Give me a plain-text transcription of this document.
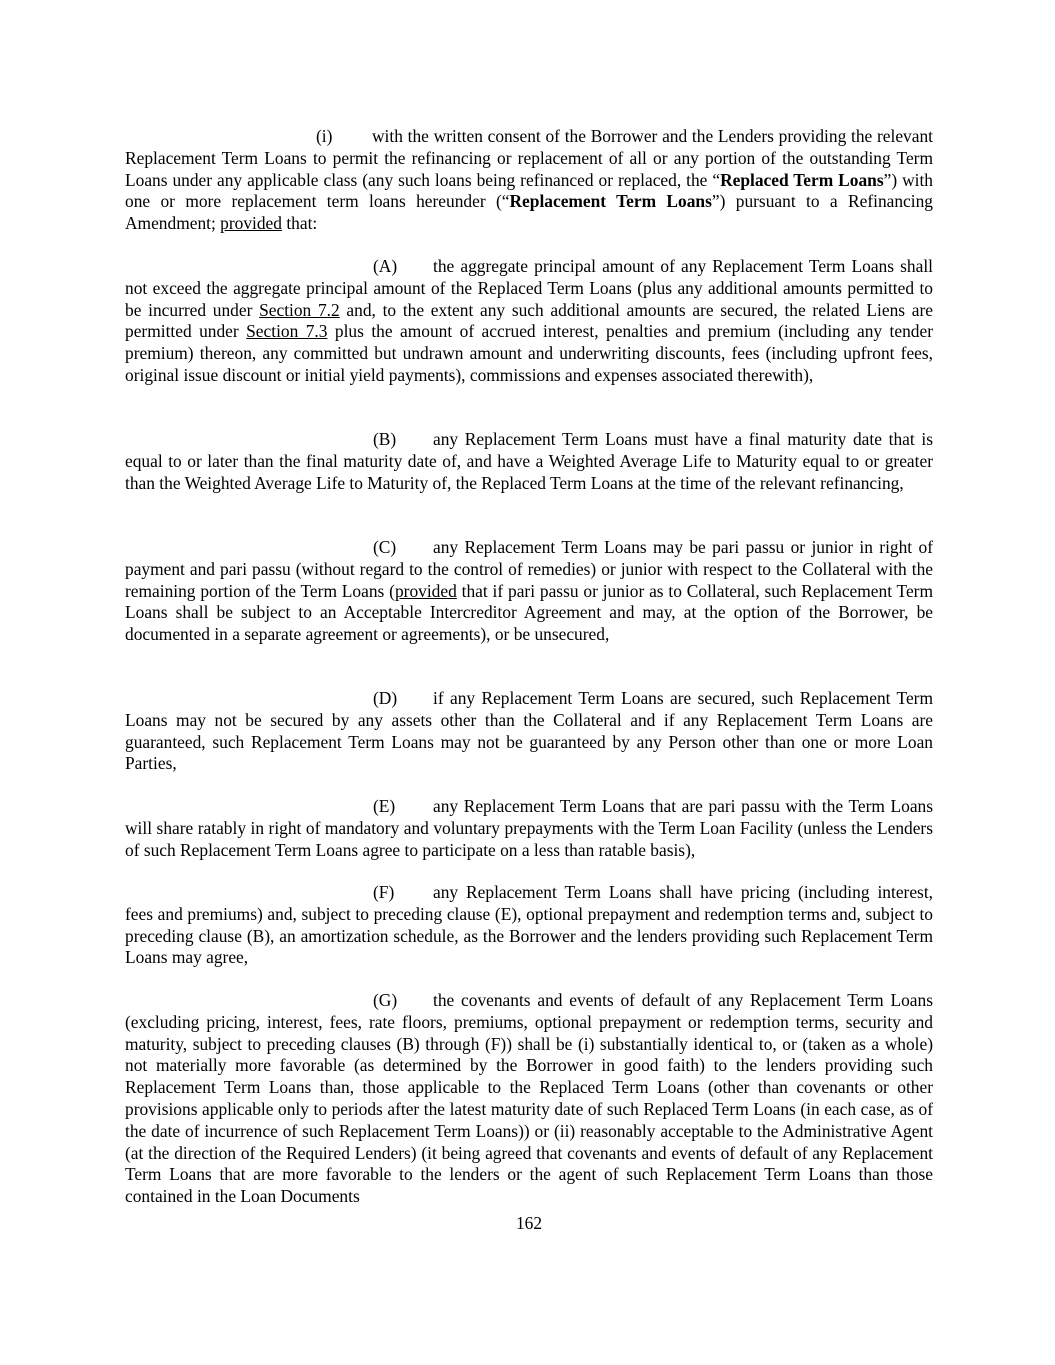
(i) with the written consent of the Borrower and the Lenders providing the relevant Replacement Term Loans to permit the refinancing or replacement of all or any portion of the outstanding Term Loans under any applicable class (any such loans being refinanced or replaced, the “Replaced Term Loans”) with one or more replacement term loans hereunder (“Replacement Term Loans”) pursuant to a Refinancing Amendment; provided that:

(A) the aggregate principal amount of any Replacement Term Loans shall not exceed the aggregate principal amount of the Replaced Term Loans (plus any additional amounts permitted to be incurred under Section 7.2 and, to the extent any such additional amounts are secured, the related Liens are permitted under Section 7.3 plus the amount of accrued interest, penalties and premium (including any tender premium) thereon, any committed but undrawn amount and underwriting discounts, fees (including upfront fees, original issue discount or initial yield payments), commissions and expenses associated therewith),

(B) any Replacement Term Loans must have a final maturity date that is equal to or later than the final maturity date of, and have a Weighted Average Life to Maturity equal to or greater than the Weighted Average Life to Maturity of, the Replaced Term Loans at the time of the relevant refinancing,

(C) any Replacement Term Loans may be pari passu or junior in right of payment and pari passu (without regard to the control of remedies) or junior with respect to the Collateral with the remaining portion of the Term Loans (provided that if pari passu or junior as to Collateral, such Replacement Term Loans shall be subject to an Acceptable Intercreditor Agreement and may, at the option of the Borrower, be documented in a separate agreement or agreements), or be unsecured,

(D) if any Replacement Term Loans are secured, such Replacement Term Loans may not be secured by any assets other than the Collateral and if any Replacement Term Loans are guaranteed, such Replacement Term Loans may not be guaranteed by any Person other than one or more Loan Parties,

(E) any Replacement Term Loans that are pari passu with the Term Loans will share ratably in right of mandatory and voluntary prepayments with the Term Loan Facility (unless the Lenders of such Replacement Term Loans agree to participate on a less than ratable basis),

(F) any Replacement Term Loans shall have pricing (including interest, fees and premiums) and, subject to preceding clause (E), optional prepayment and redemption terms and, subject to preceding clause (B), an amortization schedule, as the Borrower and the lenders providing such Replacement Term Loans may agree,

(G) the covenants and events of default of any Replacement Term Loans (excluding pricing, interest, fees, rate floors, premiums, optional prepayment or redemption terms, security and maturity, subject to preceding clauses (B) through (F)) shall be (i) substantially identical to, or (taken as a whole) not materially more favorable (as determined by the Borrower in good faith) to the lenders providing such Replacement Term Loans than, those applicable to the Replaced Term Loans (other than covenants or other provisions applicable only to periods after the latest maturity date of such Replaced Term Loans (in each case, as of the date of incurrence of such Replacement Term Loans)) or (ii) reasonably acceptable to the Administrative Agent (at the direction of the Required Lenders) (it being agreed that covenants and events of default of any Replacement Term Loans that are more favorable to the lenders or the agent of such Replacement Term Loans than those contained in the Loan Documents

162
